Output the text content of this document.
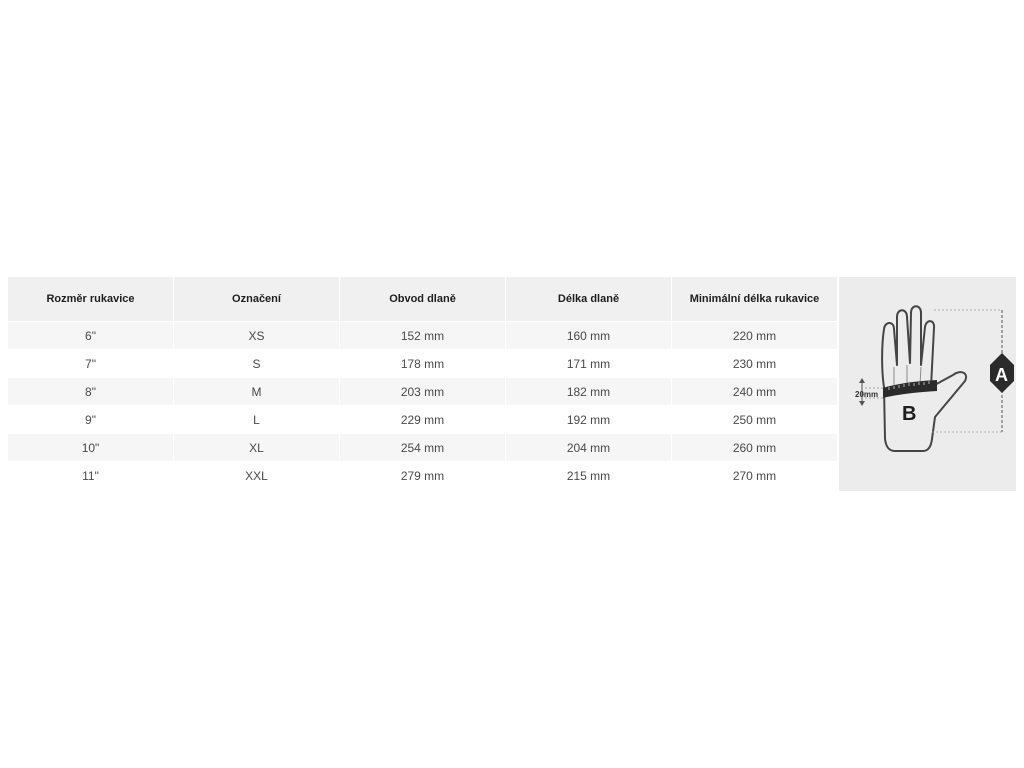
Rozměr rukavice	Označení	Obvod dlaně	Délka dlaně	Minimální délka rukavice
6"	XS	152 mm	160 mm	220 mm
7"	S	178 mm	171 mm	230 mm
8"	M	203 mm	182 mm	240 mm
9"	L	229 mm	192 mm	250 mm
10"	XL	254 mm	204 mm	260 mm
11"	XXL	279 mm	215 mm	270 mm
20mm
B
A
